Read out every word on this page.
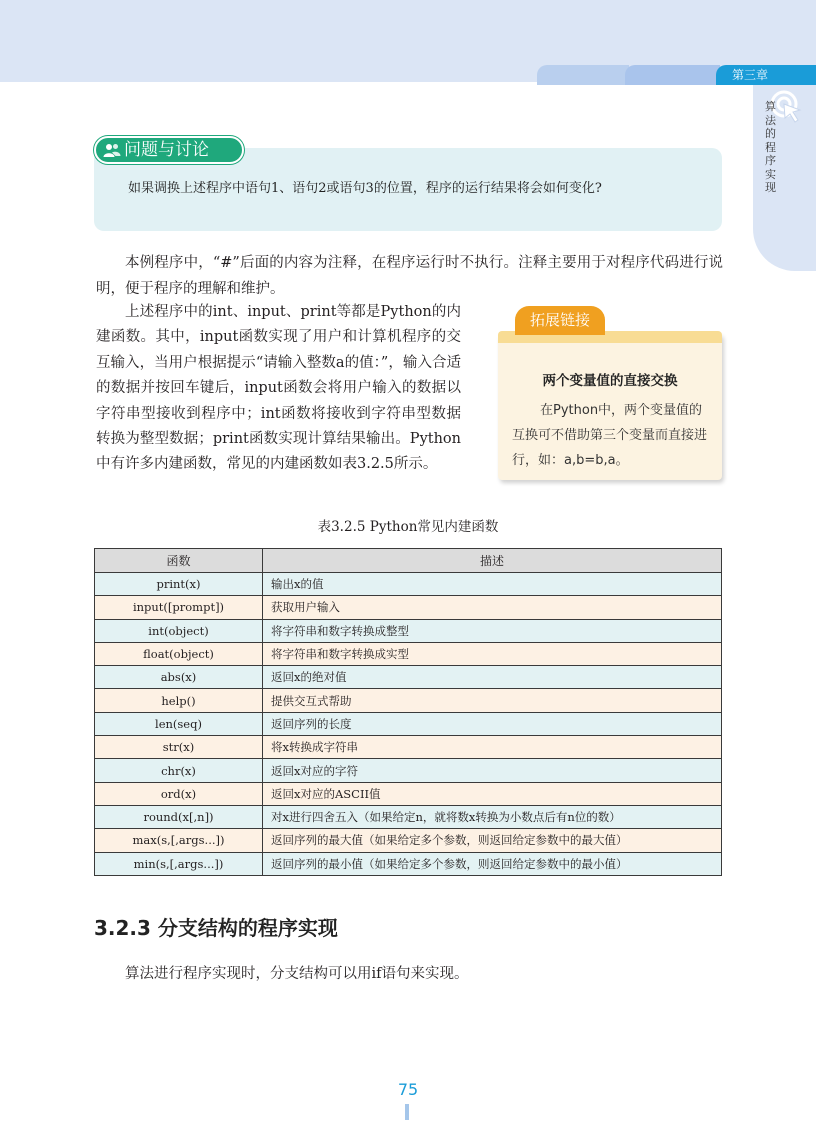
第三章
算法的程序实现
问题与讨论

如果调换上述程序中语句1、语句2或语句3的位置，程序的运行结果将会如何变化?

本例程序中，“#”后面的内容为注释，在程序运行时不执行。注释主要用于对程序代码进行说明，便于程序的理解和维护。

上述程序中的int、input、print等都是Python的内建函数。其中，input函数实现了用户和计算机程序的交互输入，当用户根据提示“请输入整数a的值：”，输入合适的数据并按回车键后，input函数会将用户输入的数据以字符串型接收到程序中；int函数将接收到字符串型数据转换为整型数据；print函数实现计算结果输出。Python中有许多内建函数，常见的内建函数如表3.2.5所示。

拓展链接
两个变量值的直接交换

在Python中，两个变量值的互换可不借助第三个变量而直接进行，如：a,b=b,a。

表3.2.5 Python常见内建函数
函数	描述
print(x)	输出x的值
input([prompt])	获取用户输入
int(object)	将字符串和数字转换成整型
float(object)	将字符串和数字转换成实型
abs(x)	返回x的绝对值
help()	提供交互式帮助
len(seq)	返回序列的长度
str(x)	将x转换成字符串
chr(x)	返回x对应的字符
ord(x)	返回x对应的ASCII值
round(x[,n])	对x进行四舍五入（如果给定n，就将数x转换为小数点后有n位的数）
max(s,[,args...])	返回序列的最大值（如果给定多个参数，则返回给定参数中的最大值）
min(s,[,args...])	返回序列的最小值（如果给定多个参数，则返回给定参数中的最小值）
3.2.3 分支结构的程序实现

算法进行程序实现时，分支结构可以用if语句来实现。

75
